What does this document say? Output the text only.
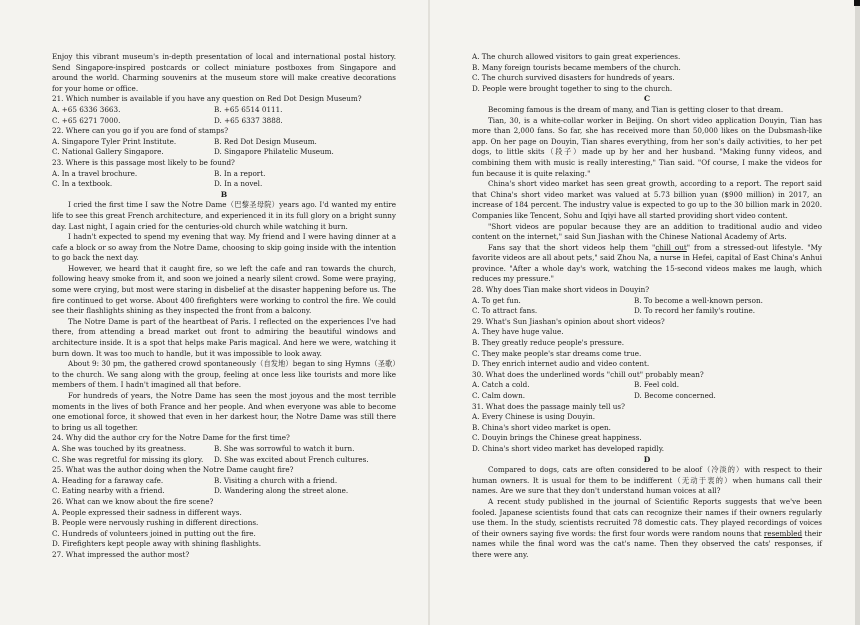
Enjoy this vibrant museum's in-depth presentation of local and international postal history. Send Singapore-inspired postcards or collect miniature postboxes from Singapore and around the world. Charming souvenirs at the museum store will make creative decorations for your home or office.

21. Which number is available if you have any question on Red Dot Design Museum?

A. +65 6336 3663.	B. +65 6514 0111.
C. +65 6271 7000.	D. +65 6337 3888.

22. Where can you go if you are fond of stamps?

A. Singapore Tyler Print Institute.	B. Red Dot Design Museum.
C. National Gallery Singapore.	D. Singapore Philatelic Museum.

23. Where is this passage most likely to be found?

A. In a travel brochure.	B. In a report.
C. In a textbook.	D. In a novel.

B

I cried the first time I saw the Notre Dame（巴黎圣母院）years ago. I'd wanted my entire life to see this great French architecture, and experienced it in its full glory on a bright sunny day. Last night, I again cried for the centuries-old church while watching it burn.

I hadn't expected to spend my evening that way. My friend and I were having dinner at a cafe a block or so away from the Notre Dame, choosing to skip going inside with the intention to go back the next day.

However, we heard that it caught fire, so we left the cafe and ran towards the church, following heavy smoke from it, and soon we joined a nearly silent crowd. Some were praying, some were crying, but most were staring in disbelief at the disaster happening before us. The fire continued to get worse. About 400 firefighters were working to control the fire. We could see their flashlights shining as they inspected the front from a balcony.

The Notre Dame is part of the heartbeat of Paris. I reflected on the experiences I've had there, from attending a bread market out front to admiring the beautiful windows and architecture inside. It is a spot that helps make Paris magical. And here we were, watching it burn down. It was too much to handle, but it was impossible to look away.

About 9: 30 pm, the gathered crowd spontaneously（自发地）began to sing Hymns（圣歌）to the church. We sang along with the group, feeling at once less like tourists and more like members of them. I hadn't imagined all that before.

For hundreds of years, the Notre Dame has seen the most joyous and the most terrible moments in the lives of both France and her people. And when everyone was able to become one emotional force, it showed that even in her darkest hour, the Notre Dame was still there to bring us all together.

24. Why did the author cry for the Notre Dame for the first time?

A. She was touched by its greatness.	B. She was sorrowful to watch it burn.
C. She was regretful for missing its glory.	D. She was excited about French cultures.

25. What was the author doing when the Notre Dame caught fire?

A. Heading for a faraway cafe.	B. Visiting a church with a friend.
C. Eating nearby with a friend.	D. Wandering along the street alone.

26. What can we know about the fire scene?

A. People expressed their sadness in different ways.

B. People were nervously rushing in different directions.

C. Hundreds of volunteers joined in putting out the fire.

D. Firefighters kept people away with shining flashlights.

27. What impressed the author most?

A. The church allowed visitors to gain great experiences.

B. Many foreign tourists became members of the church.

C. The church survived disasters for hundreds of years.

D. People were brought together to sing to the church.

C

Becoming famous is the dream of many, and Tian is getting closer to that dream.

Tian, 30, is a white-collar worker in Beijing. On short video application Douyin, Tian has more than 2,000 fans. So far, she has received more than 50,000 likes on the Dubsmash-like app. On her page on Douyin, Tian shares everything, from her son's daily activities, to her pet dogs, to little skits（段子）made up by her and her husband. "Making funny videos, and combining them with music is really interesting," Tian said. "Of course, I make the videos for fun because it is quite relaxing."

China's short video market has seen great growth, according to a report. The report said that China's short video market was valued at 5.73 billion yuan ($900 million) in 2017, an increase of 184 percent. The industry value is expected to go up to the 30 billion mark in 2020. Companies like Tencent, Sohu and Iqiyi have all started providing short video content.

"Short videos are popular because they are an addition to traditional audio and video content on the internet," said Sun Jiashan with the Chinese National Academy of Arts.

Fans say that the short videos help them "chill out" from a stressed-out lifestyle. "My favorite videos are all about pets," said Zhou Na, a nurse in Hefei, capital of East China's Anhui province. "After a whole day's work, watching the 15-second videos makes me laugh, which reduces my pressure."

28. Why does Tian make short videos in Douyin?

A. To get fun.	B. To become a well-known person.
C. To attract fans.	D. To record her family's routine.

29. What's Sun Jiashan's opinion about short videos?

A. They have huge value.

B. They greatly reduce people's pressure.

C. They make people's star dreams come true.

D. They enrich internet audio and video content.

30. What does the underlined words "chill out" probably mean?

A. Catch a cold.	B. Feel cold.
C. Calm down.	D. Become concerned.

31. What does the passage mainly tell us?

A. Every Chinese is using Douyin.

B. China's short video market is open.

C. Douyin brings the Chinese great happiness.

D. China's short video market has developed rapidly.

D

Compared to dogs, cats are often considered to be aloof（冷淡的）with respect to their human owners. It is usual for them to be indifferent（无动于衷的）when humans call their names. Are we sure that they don't understand human voices at all?

A recent study published in the journal of Scientific Reports suggests that we've been fooled. Japanese scientists found that cats can recognize their names if their owners regularly use them. In the study, scientists recruited 78 domestic cats. They played recordings of voices of their owners saying five words: the first four words were random nouns that resembled their names while the final word was the cat's name. Then they observed the cats' responses, if there were any.
